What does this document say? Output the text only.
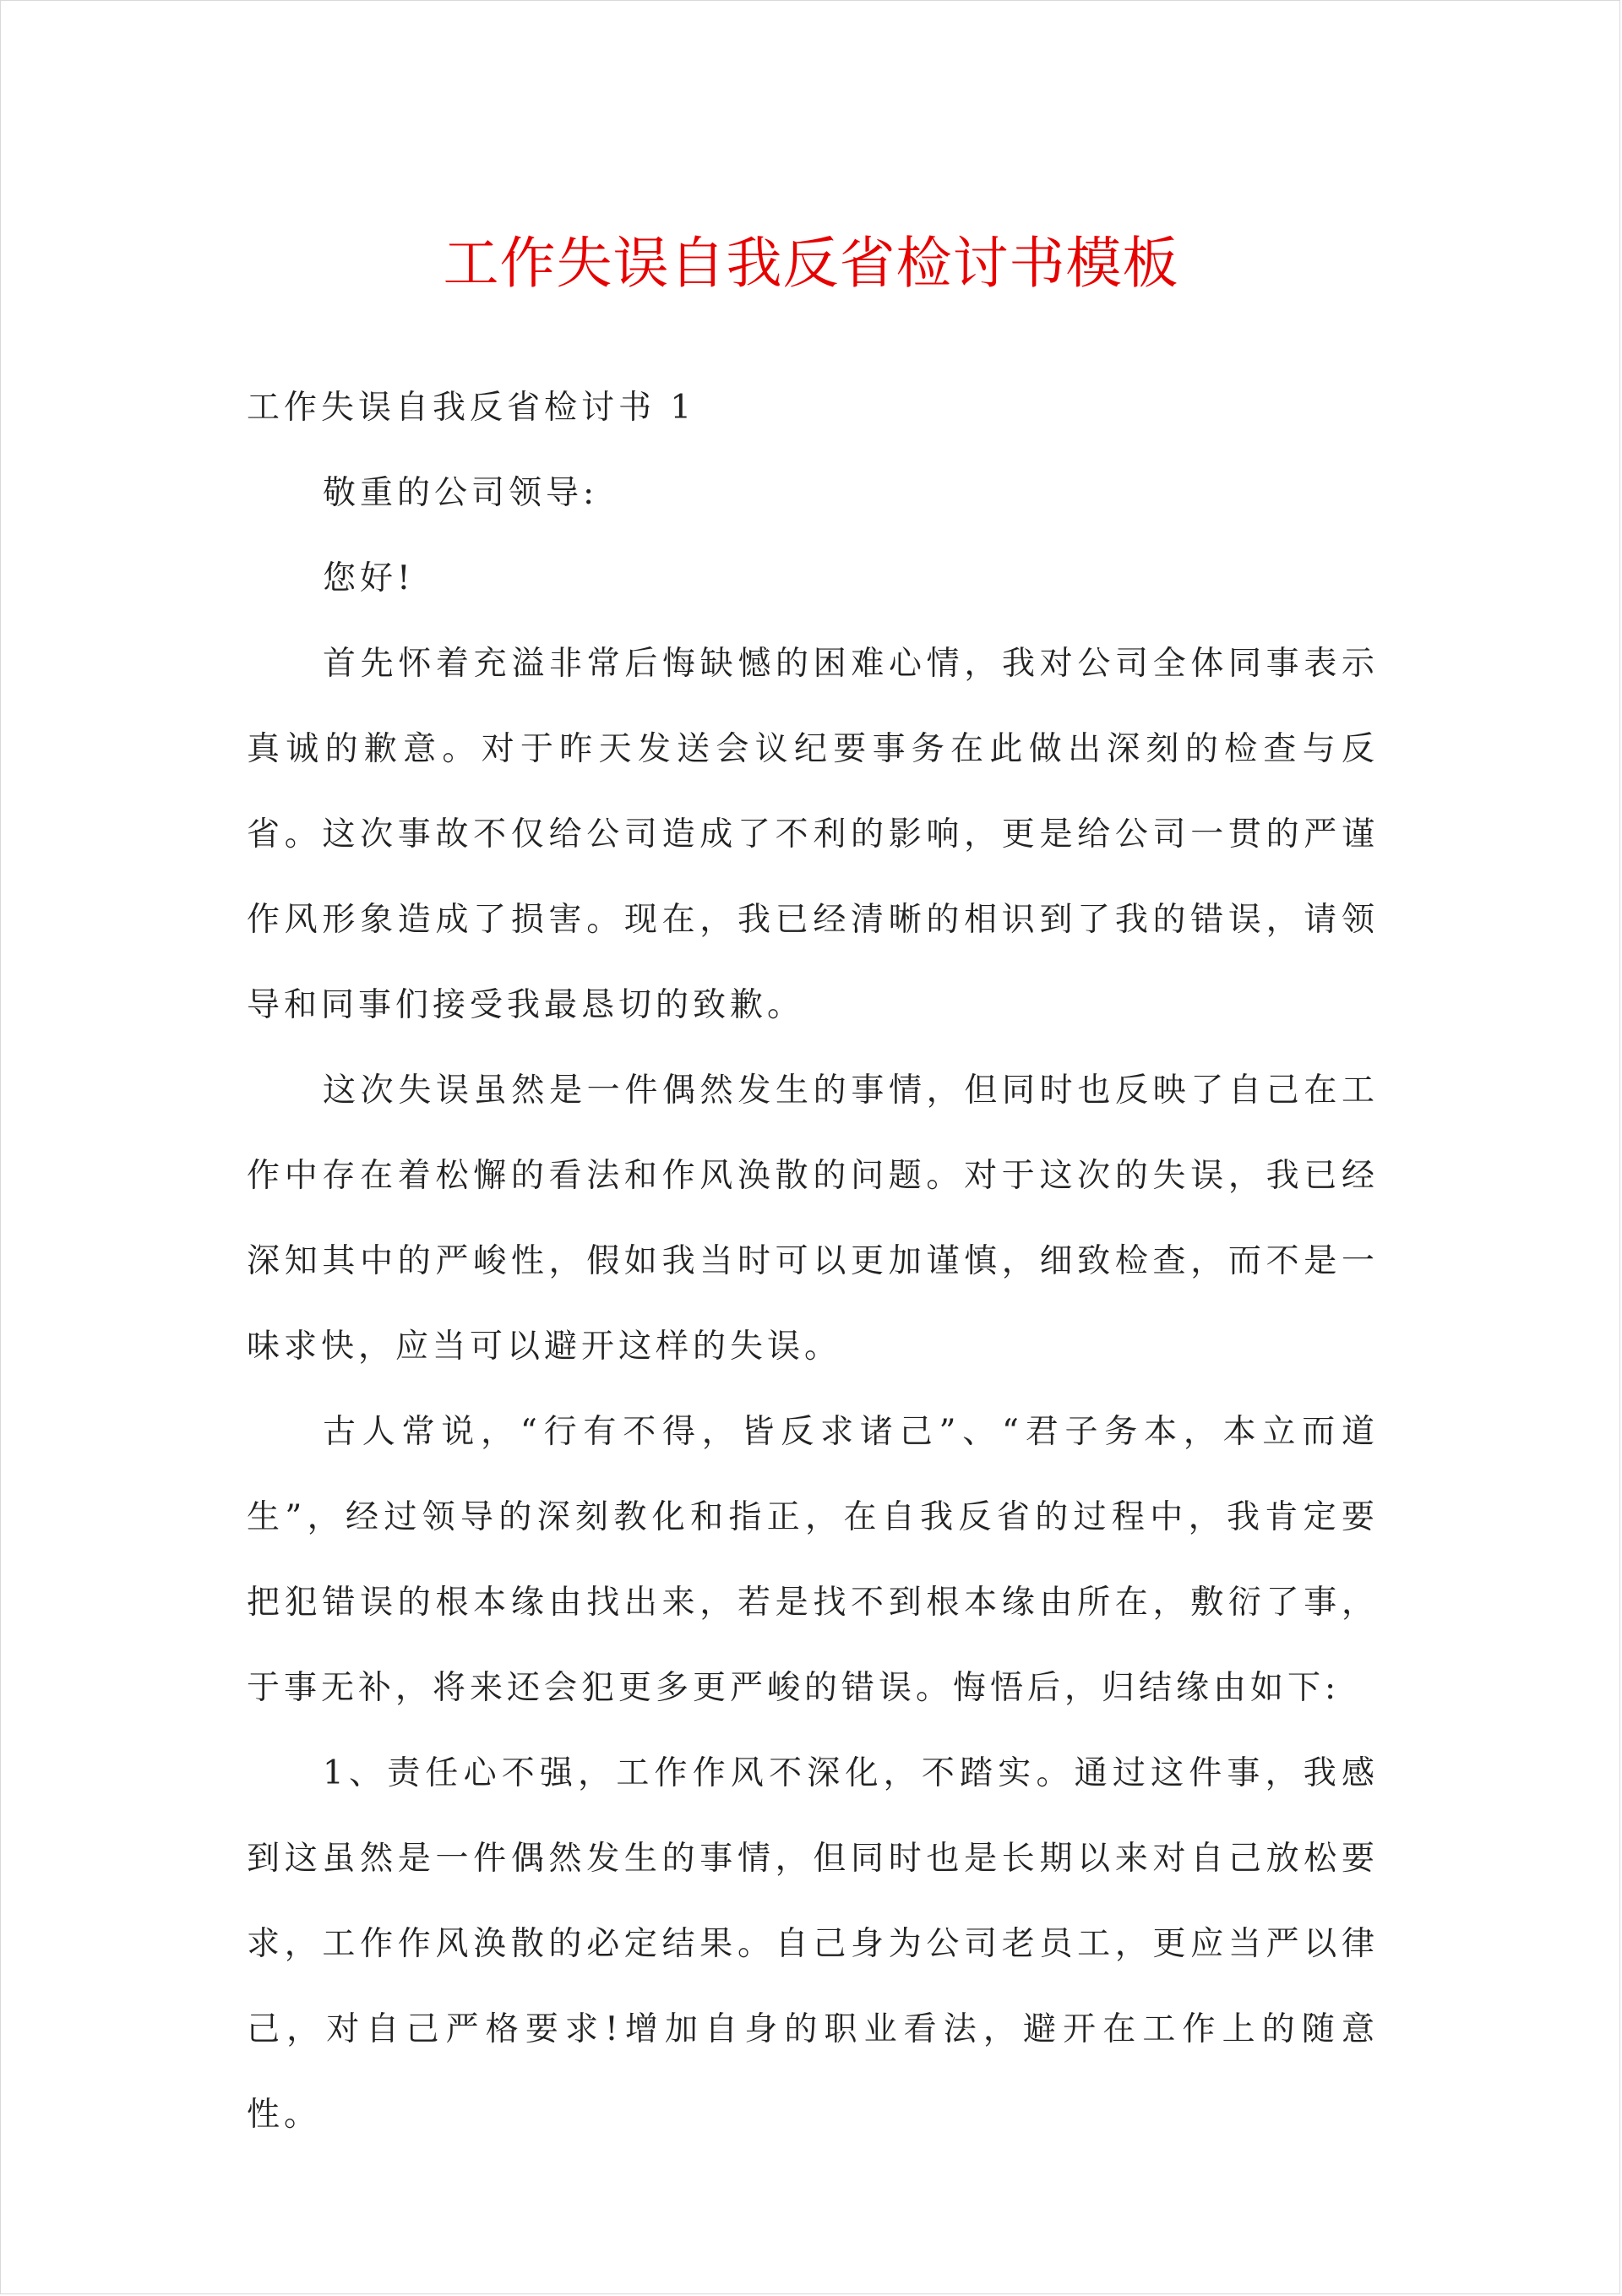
工作失误自我反省检讨书模板

工作失误自我反省检讨书 1

敬重的公司领导:

您好!

首先怀着充溢非常后悔缺憾的困难心情，我对公司全体同事表示真诚的歉意。对于昨天发送会议纪要事务在此做出深刻的检查与反省。这次事故不仅给公司造成了不利的影响，更是给公司一贯的严谨作风形象造成了损害。现在，我已经清晰的相识到了我的错误，请领导和同事们接受我最恳切的致歉。

这次失误虽然是一件偶然发生的事情，但同时也反映了自己在工作中存在着松懈的看法和作风涣散的问题。对于这次的失误，我已经深知其中的严峻性，假如我当时可以更加谨慎，细致检查，而不是一味求快，应当可以避开这样的失误。

古人常说，“行有不得，皆反求诸己”、“君子务本，本立而道生”，经过领导的深刻教化和指正，在自我反省的过程中，我肯定要把犯错误的根本缘由找出来，若是找不到根本缘由所在，敷衍了事，于事无补，将来还会犯更多更严峻的错误。悔悟后，归结缘由如下:

1、责任心不强，工作作风不深化，不踏实。通过这件事，我感到这虽然是一件偶然发生的事情，但同时也是长期以来对自己放松要求，工作作风涣散的必定结果。自己身为公司老员工，更应当严以律己，对自己严格要求!增加自身的职业看法，避开在工作上的随意性。
